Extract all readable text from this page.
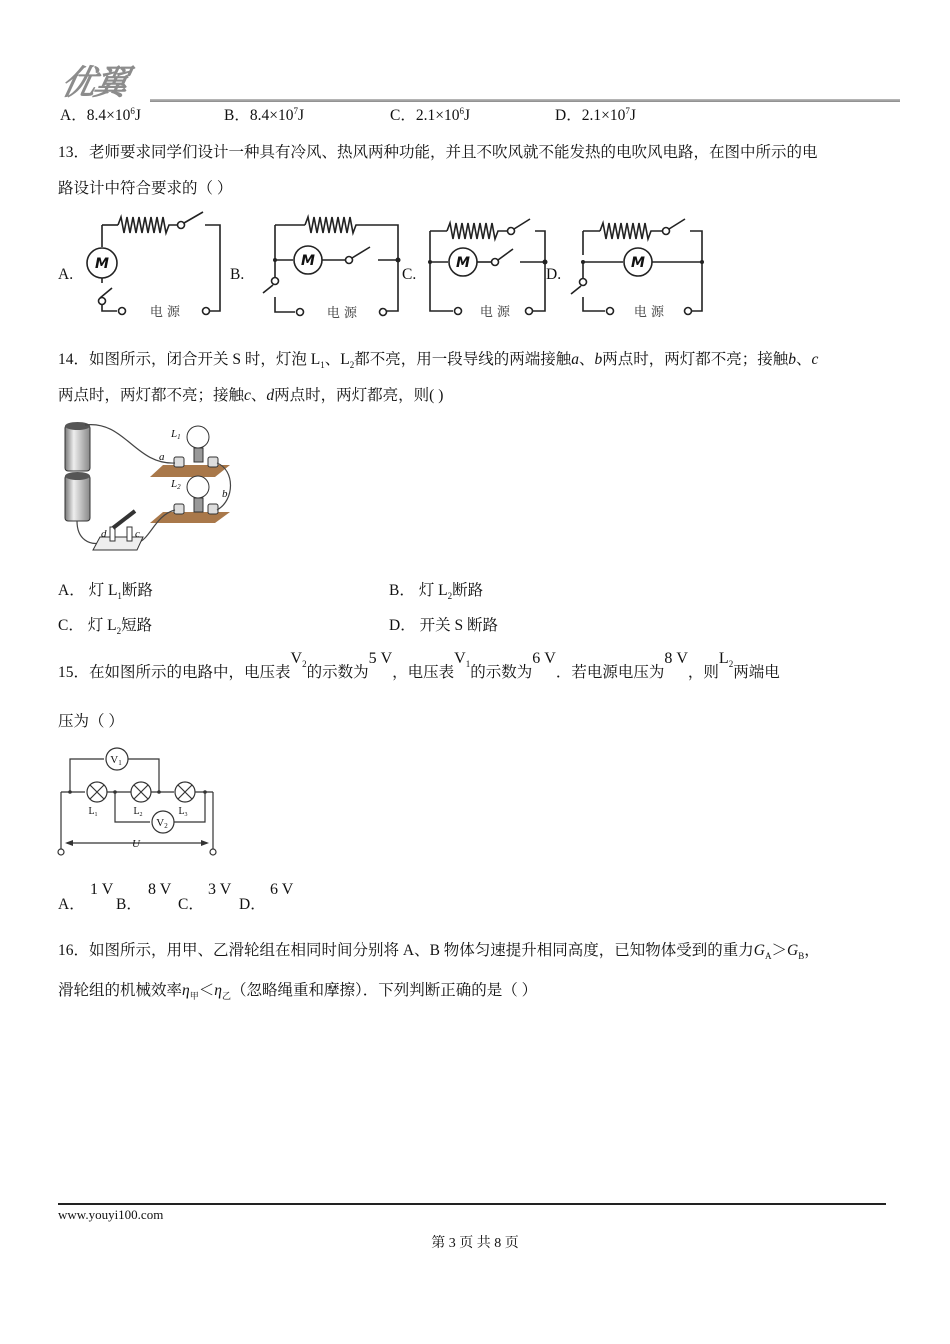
优翼
A．$8.4\times 10^6J$	B．$8.4\times 10^7J$	C．$2.1\times 10^6J$	D．$2.1\times 10^7J$
13．老师要求同学们设计一种具有冷风、热风两种功能，并且不吹风就不能发热的电吹风电路，在图中所示的电
路设计中符合要求的（ ）
M	M	M	M
电 源	电 源	电 源	电 源
A.	B.	C.	D.
14．如图所示，闭合开关 S 时，灯泡 $L_1$、$L_2$都不亮，用一段导线的两端接触a、b两点时，两灯都不亮；接触b、c
两点时，两灯都不亮；接触c、d两点时，两灯都亮，则( )
L1
L2
a
b
c
d
A． 灯 $L_1$断路	B． 灯 $L_2$断路
C． 灯 $L_2$短路	D． 开关 S 断路
15．在如图所示的电路中，电压表$V_2$的示数为5 V，电压表$V_1$的示数为6 V．若电源电压为8 V，则$L_2$两端电
压为（ ）
V1
V2
$L_1$	$L_2$	$L_3$
U
A．
1 V
B．
8 V
C．
3 V
D．
6 V
16．如图所示，用甲、乙滑轮组在相同时间分别将 A、B 物体匀速提升相同高度，已知物体受到的重力$G_A>G_B$，
滑轮组的机械效率$\eta_甲<\eta_乙$（忽略绳重和摩擦）．下列判断正确的是（ ）
www.youyi100.com
第 3 页 共 8 页
